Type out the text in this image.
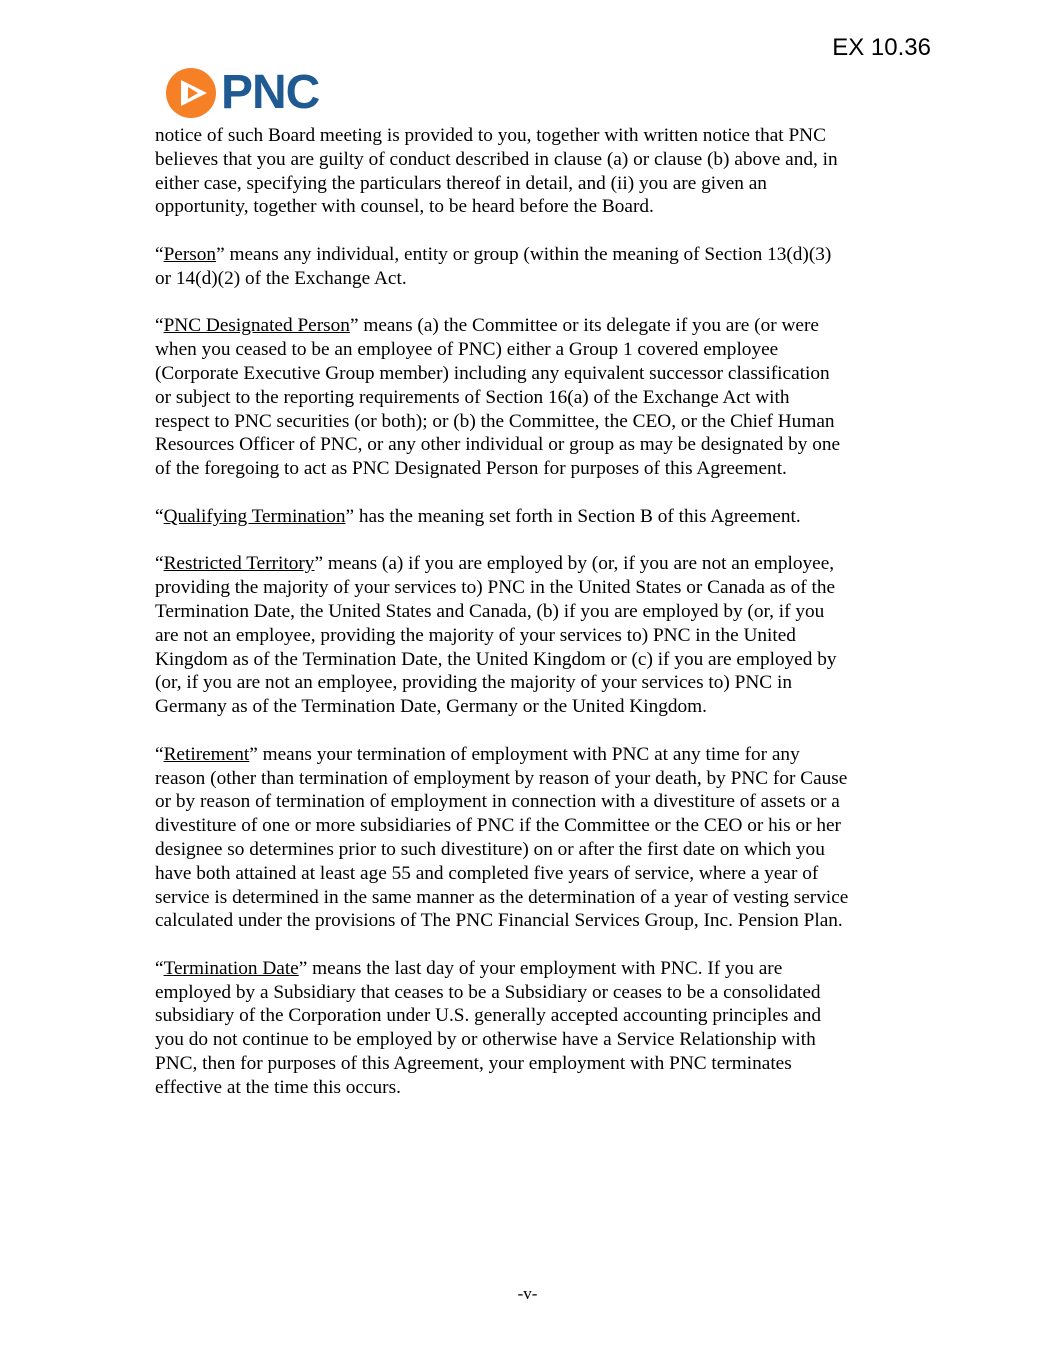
EX 10.36
PNC

notice of such Board meeting is provided to you, together with written notice that PNC
believes that you are guilty of conduct described in clause (a) or clause (b) above and, in
either case, specifying the particulars thereof in detail, and (ii) you are given an
opportunity, together with counsel, to be heard before the Board.

“Person” means any individual, entity or group (within the meaning of Section 13(d)(3)
or 14(d)(2) of the Exchange Act.

“PNC Designated Person” means (a) the Committee or its delegate if you are (or were
when you ceased to be an employee of PNC) either a Group 1 covered employee
(Corporate Executive Group member) including any equivalent successor classification
or subject to the reporting requirements of Section 16(a) of the Exchange Act with
respect to PNC securities (or both); or (b) the Committee, the CEO, or the Chief Human
Resources Officer of PNC, or any other individual or group as may be designated by one
of the foregoing to act as PNC Designated Person for purposes of this Agreement.

“Qualifying Termination” has the meaning set forth in Section B of this Agreement.

“Restricted Territory” means (a) if you are employed by (or, if you are not an employee,
providing the majority of your services to) PNC in the United States or Canada as of the
Termination Date, the United States and Canada, (b) if you are employed by (or, if you
are not an employee, providing the majority of your services to) PNC in the United
Kingdom as of the Termination Date, the United Kingdom or (c) if you are employed by
(or, if you are not an employee, providing the majority of your services to) PNC in
Germany as of the Termination Date, Germany or the United Kingdom.

“Retirement” means your termination of employment with PNC at any time for any
reason (other than termination of employment by reason of your death, by PNC for Cause
or by reason of termination of employment in connection with a divestiture of assets or a
divestiture of one or more subsidiaries of PNC if the Committee or the CEO or his or her
designee so determines prior to such divestiture) on or after the first date on which you
have both attained at least age 55 and completed five years of service, where a year of
service is determined in the same manner as the determination of a year of vesting service
calculated under the provisions of The PNC Financial Services Group, Inc. Pension Plan.

“Termination Date” means the last day of your employment with PNC. If you are
employed by a Subsidiary that ceases to be a Subsidiary or ceases to be a consolidated
subsidiary of the Corporation under U.S. generally accepted accounting principles and
you do not continue to be employed by or otherwise have a Service Relationship with
PNC, then for purposes of this Agreement, your employment with PNC terminates
effective at the time this occurs.

-v-
